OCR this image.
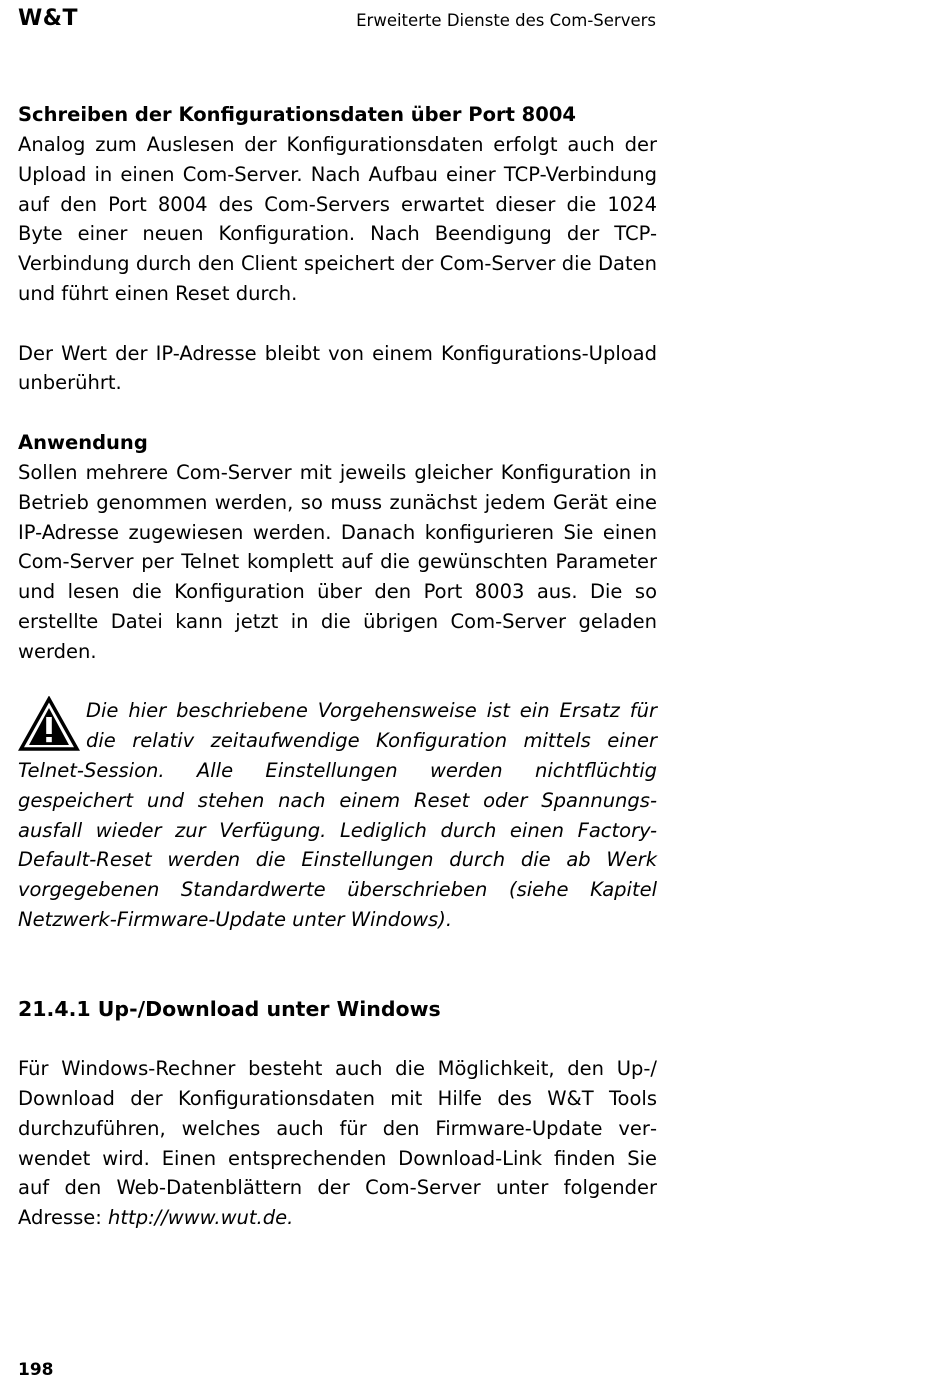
W&T	Erweiterte Dienste des Com-Servers
Schreiben der Konfigurationsdaten über Port 8004

Analog zum Auslesen der Konfigurationsdaten erfolgt auch der Upload in einen Com-Server. Nach Aufbau einer TCP-Verbindung auf den Port 8004 des Com-Servers erwartet dieser die 1024 Byte einer neuen Konfiguration. Nach Beendigung der TCP-Verbindung durch den Client speichert der Com-Server die Daten und führt einen Reset durch.

Der Wert der IP-Adresse bleibt von einem Konfigurations-Upload unberührt.

Anwendung

Sollen mehrere Com-Server mit jeweils gleicher Konfiguration in Betrieb genommen werden, so muss zunächst jedem Gerät eine IP-Adresse zugewiesen werden. Danach konfigurieren Sie einen Com-Server per Telnet komplett auf die gewünschten Parameter und lesen die Konfiguration über den Port 8003 aus. Die so erstellte Datei kann jetzt in die übrigen Com-Server geladen werden.

Die hier beschriebene Vorgehensweise ist ein Ersatz für die relativ zeitaufwendige Konfiguration mittels einer Telnet-Session. Alle Einstellungen werden nichtflüchtig gespeichert und stehen nach einem Reset oder Spannungsausfall wieder zur Verfügung. Lediglich durch einen Factory-Default-Reset werden die Einstellungen durch die ab Werk vorgegebenen Standardwerte überschrieben (siehe Kapitel Netzwerk-Firmware-Update unter Windows).
21.4.1 Up-/Download unter Windows

Für Windows-Rechner besteht auch die Möglichkeit, den Up-/ Download der Konfigurationsdaten mit Hilfe des W&T Tools durchzuführen, welches auch für den Firmware-Update verwendet wird. Einen entsprechenden Download-Link finden Sie auf den Web-Datenblättern der Com-Server unter folgender Adresse: http://www.wut.de.

198
